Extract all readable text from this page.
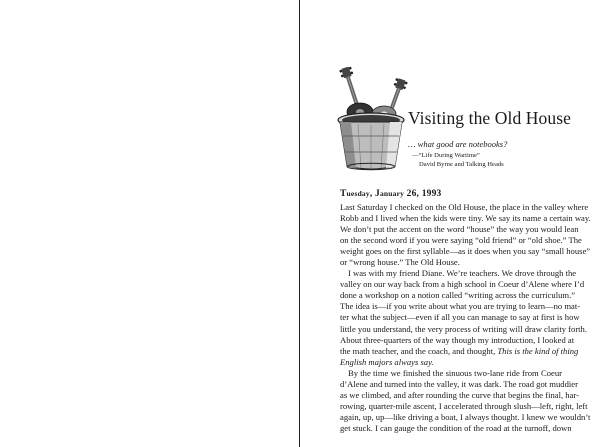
Visiting the Old House
… what good are notebooks?
—“Life During Wartime”
David Byrne and Talking Heads
Tuesday, January 26, 1993
Last Saturday I checked on the Old House, the place in the valley where
Robb and I lived when the kids were tiny. We say its name a certain way.
We don’t put the accent on the word “house” the way you would lean
on the second word if you were saying “old friend” or “old shoe.” The
weight goes on the first syllable—as it does when you say “small house”
or “wrong house.” The Old House.
I was with my friend Diane. We’re teachers. We drove through the
valley on our way back from a high school in Coeur d’Alene where I’d
done a workshop on a notion called “writing across the curriculum.”
The idea is—if you write about what you are trying to learn—no mat-
ter what the subject—even if all you can manage to say at first is how
little you understand, the very process of writing will draw clarity forth.
About three-quarters of the way though my introduction, I looked at
the math teacher, and the coach, and thought, This is the kind of thing
English majors always say.
By the time we finished the sinuous two-lane ride from Coeur
d’Alene and turned into the valley, it was dark. The road got muddier
as we climbed, and after rounding the curve that begins the final, har-
rowing, quarter-mile ascent, I accelerated through slush—left, right, left
again, up, up—like driving a boat, I always thought. I knew we wouldn’t
get stuck. I can gauge the condition of the road at the turnoff, down
